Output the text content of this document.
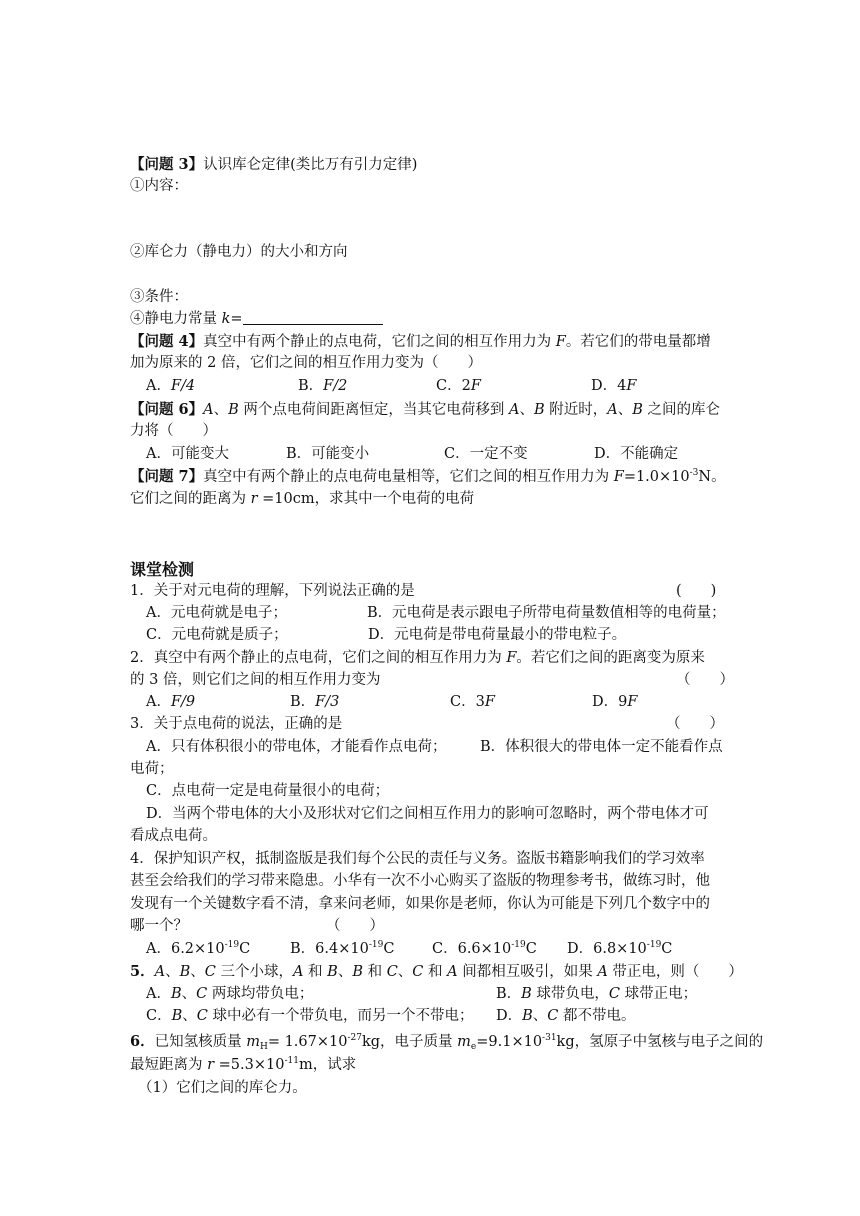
【问题 3】认识库仑定律(类比万有引力定律)
①内容：
②库仑力（静电力）的大小和方向
③条件：
④静电力常量 k=
【问题 4】真空中有两个静止的点电荷，它们之间的相互作用力为 F。若它们的带电量都增
加为原来的 2 倍，它们之间的相互作用力变为（　　）
A．F/4	B．F/2	C．2F	D．4F
【问题 6】A、B 两个点电荷间距离恒定，当其它电荷移到 A、B 附近时，A、B 之间的库仑
力将（　　）
A．可能变大	B．可能变小	C．一定不变	D．不能确定
【问题 7】真空中有两个静止的点电荷电量相等，它们之间的相互作用力为 $F=1.0\times 10^{-3}N$。
它们之间的距离为 r =10cm，求其中一个电荷的电荷
课堂检测
1．关于对元电荷的理解，下列说法正确的是	(　　)
A．元电荷就是电子；	B．元电荷是表示跟电子所带电荷量数值相等的电荷量；
C．元电荷就是质子；	D．元电荷是带电荷量最小的带电粒子。
2．真空中有两个静止的点电荷，它们之间的相互作用力为 F。若它们之间的距离变为原来
的 3 倍，则它们之间的相互作用力变为	（　　）
A．F/9	B．F/3	C．3F	D．9F
3．关于点电荷的说法，正确的是	（　　）
A．只有体积很小的带电体，才能看作点电荷； B．体积很大的带电体一定不能看作点
电荷；
C．点电荷一定是电荷量很小的电荷；
D．当两个带电体的大小及形状对它们之间相互作用力的影响可忽略时，两个带电体才可
看成点电荷。
4．保护知识产权，抵制盗版是我们每个公民的责任与义务。盗版书籍影响我们的学习效率
甚至会给我们的学习带来隐患。小华有一次不小心购买了盗版的物理参考书，做练习时，他
发现有一个关键数字看不清，拿来问老师，如果你是老师，你认为可能是下列几个数字中的
哪一个？	（　　）
A．$6.2\times 10^{-19}C$	B．$6.4\times 10^{-19}C$	C．$6.6\times 10^{-19}C$ D．$6.8\times 10^{-19}C$
5．A、B、C 三个小球，A 和 B、B 和 C、C 和 A 间都相互吸引，如果 A 带正电，则（　　）
A．B、C 两球均带负电；	B．B 球带负电，C 球带正电；
C．B、C 球中必有一个带负电，而另一个不带电； D．B、C 都不带电。
6．已知氢核质量 $m_H= 1.67\times 10^{-27}kg$，电子质量 $m_e=9.1\times 10^{-31}kg$，氢原子中氢核与电子之间的
最短距离为 $r =5.3\times 10^{-11}m$，试求
（1）它们之间的库仑力。
